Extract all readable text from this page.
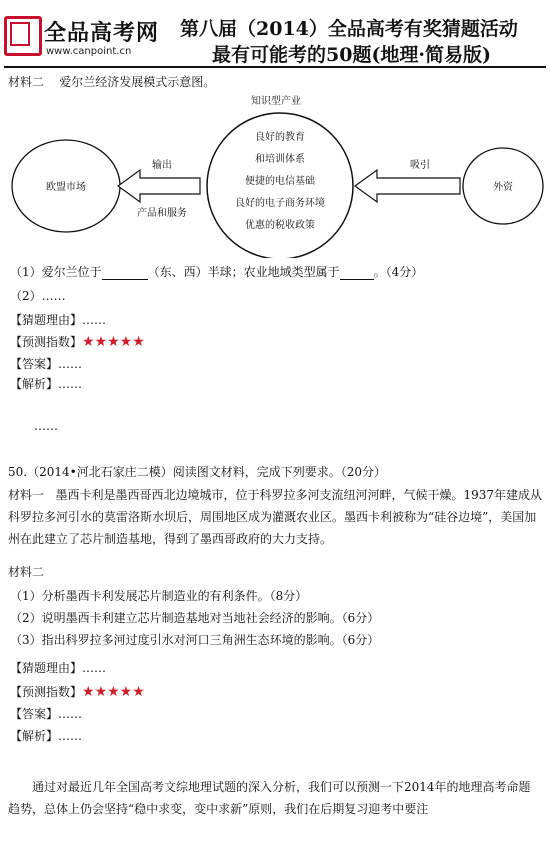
全品高考网
www.canpoint.cn
第八届（2014）全品高考有奖猜题活动
最有可能考的50题(地理·简易版)
材料二 爱尔兰经济发展模式示意图。
欧盟市场
知识型产业
良好的教育
和培训体系
便捷的电信基础
良好的电子商务环境
优惠的税收政策
外资
输出
产品和服务
吸引
（1）爱尔兰位于	（东、西）半球；农业地域类型属于	。（4分）
（2）……
【猜题理由】……
【预测指数】★★★★★
【答案】……
【解析】……
……
50.（2014•河北石家庄二模）阅读图文材料，完成下列要求。（20分）
材料一 墨西卡利是墨西哥西北边境城市，位于科罗拉多河支流纽河河畔，气候干燥。1937年建成从科罗拉多河引水的莫雷洛斯水坝后，周围地区成为灌溉农业区。墨西卡利被称为“硅谷边境”，美国加州在此建立了芯片制造基地，得到了墨西哥政府的大力支持。
材料二
（1）分析墨西卡利发展芯片制造业的有利条件。（8分）
（2）说明墨西卡利建立芯片制造基地对当地社会经济的影响。（6分）
（3）指出科罗拉多河过度引水对河口三角洲生态环境的影响。（6分）
【猜题理由】……
【预测指数】★★★★★
【答案】……
【解析】……
通过对最近几年全国高考文综地理试题的深入分析，我们可以预测一下2014年的地理高考命题趋势，总体上仍会坚持“稳中求变，变中求新”原则，我们在后期复习迎考中要注
